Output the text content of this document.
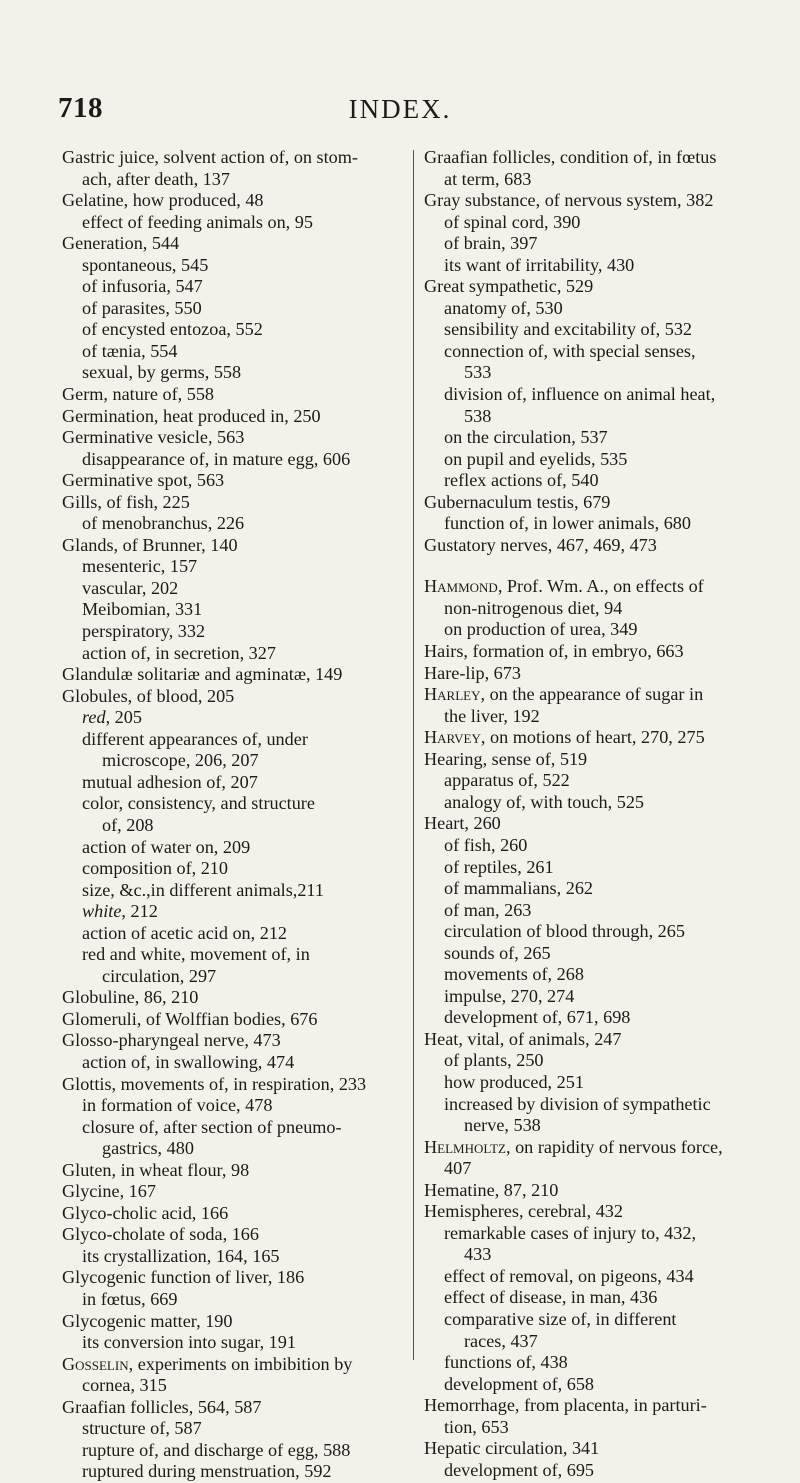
718	INDEX.
Gastric juice, solvent action of, on stom-
ach, after death, 137
Gelatine, how produced, 48
effect of feeding animals on, 95
Generation, 544
spontaneous, 545
of infusoria, 547
of parasites, 550
of encysted entozoa, 552
of tænia, 554
sexual, by germs, 558
Germ, nature of, 558
Germination, heat produced in, 250
Germinative vesicle, 563
disappearance of, in mature egg, 606
Germinative spot, 563
Gills, of fish, 225
of menobranchus, 226
Glands, of Brunner, 140
mesenteric, 157
vascular, 202
Meibomian, 331
perspiratory, 332
action of, in secretion, 327
Glandulæ solitariæ and agminatæ, 149
Globules, of blood, 205
red, 205
different appearances of, under
microscope, 206, 207
mutual adhesion of, 207
color, consistency, and structure
of, 208
action of water on, 209
composition of, 210
size, &c.,in different animals,211
white, 212
action of acetic acid on, 212
red and white, movement of, in
circulation, 297
Globuline, 86, 210
Glomeruli, of Wolffian bodies, 676
Glosso-pharyngeal nerve, 473
action of, in swallowing, 474
Glottis, movements of, in respiration, 233
in formation of voice, 478
closure of, after section of pneumo-
gastrics, 480
Gluten, in wheat flour, 98
Glycine, 167
Glyco-cholic acid, 166
Glyco-cholate of soda, 166
its crystallization, 164, 165
Glycogenic function of liver, 186
in fœtus, 669
Glycogenic matter, 190
its conversion into sugar, 191
Gosselin, experiments on imbibition by
cornea, 315
Graafian follicles, 564, 587
structure of, 587
rupture of, and discharge of egg, 588
ruptured during menstruation, 592
Graafian follicles, condition of, in fœtus
at term, 683
Gray substance, of nervous system, 382
of spinal cord, 390
of brain, 397
its want of irritability, 430
Great sympathetic, 529
anatomy of, 530
sensibility and excitability of, 532
connection of, with special senses,
533
division of, influence on animal heat,
538
on the circulation, 537
on pupil and eyelids, 535
reflex actions of, 540
Gubernaculum testis, 679
function of, in lower animals, 680
Gustatory nerves, 467, 469, 473
Hammond, Prof. Wm. A., on effects of
non-nitrogenous diet, 94
on production of urea, 349
Hairs, formation of, in embryo, 663
Hare-lip, 673
Harley, on the appearance of sugar in
the liver, 192
Harvey, on motions of heart, 270, 275
Hearing, sense of, 519
apparatus of, 522
analogy of, with touch, 525
Heart, 260
of fish, 260
of reptiles, 261
of mammalians, 262
of man, 263
circulation of blood through, 265
sounds of, 265
movements of, 268
impulse, 270, 274
development of, 671, 698
Heat, vital, of animals, 247
of plants, 250
how produced, 251
increased by division of sympathetic
nerve, 538
Helmholtz, on rapidity of nervous force,
407
Hematine, 87, 210
Hemispheres, cerebral, 432
remarkable cases of injury to, 432,
433
effect of removal, on pigeons, 434
effect of disease, in man, 436
comparative size of, in different
races, 437
functions of, 438
development of, 658
Hemorrhage, from placenta, in parturi-
tion, 653
Hepatic circulation, 341
development of, 695
